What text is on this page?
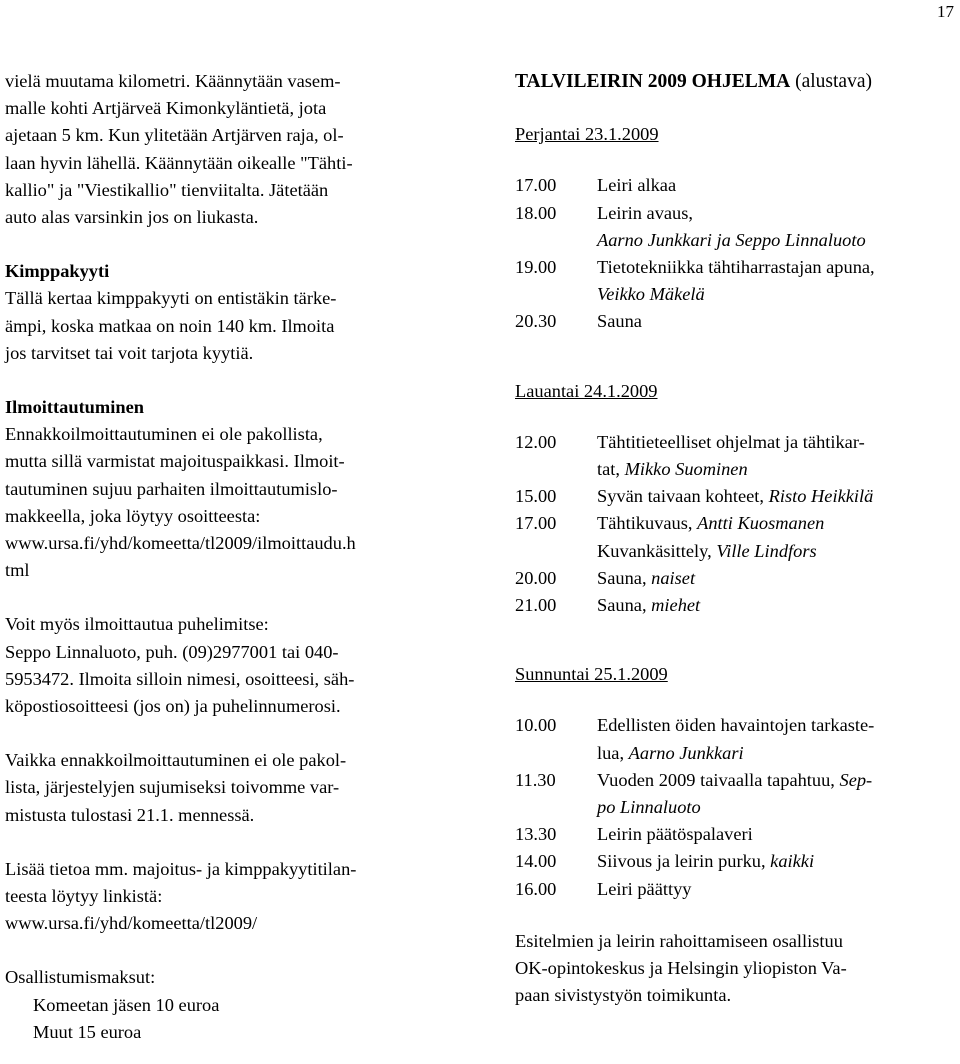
17
vielä muutama kilometri. Käännytään vasem-
malle kohti Artjärveä Kimonkyläntietä, jota
ajetaan 5 km. Kun ylitetään Artjärven raja, ol-
laan hyvin lähellä. Käännytään oikealle "Tähti-
kallio" ja "Viestikallio" tienviitalta. Jätetään
auto alas varsinkin jos on liukasta.
Kimppakyyti
Tällä kertaa kimppakyyti on entistäkin tärke-
ämpi, koska matkaa on noin 140 km. Ilmoita
jos tarvitset tai voit tarjota kyytiä.
Ilmoittautuminen
Ennakkoilmoittautuminen ei ole pakollista,
mutta sillä varmistat majoituspaikkasi. Ilmoit-
tautuminen sujuu parhaiten ilmoittautumislo-
makkeella, joka löytyy osoitteesta:
www.ursa.fi/yhd/komeetta/tl2009/ilmoittaudu.h
tml
Voit myös ilmoittautua puhelimitse:
Seppo Linnaluoto, puh. (09)2977001 tai 040-
5953472. Ilmoita silloin nimesi, osoitteesi, säh-
köpostiosoitteesi (jos on) ja puhelinnumerosi.
Vaikka ennakkoilmoittautuminen ei ole pakol-
lista, järjestelyjen sujumiseksi toivomme var-
mistusta tulostasi 21.1. mennessä.
Lisää tietoa mm. majoitus- ja kimppakyytitilan-
teesta löytyy linkistä:
www.ursa.fi/yhd/komeetta/tl2009/
Osallistumismaksut:
Komeetan jäsen 10 euroa
Muut 15 euroa
TALVILEIRIN 2009 OHJELMA (alustava)
Perjantai 23.1.2009
17.00	Leiri alkaa
18.00	Leirin avaus,
Aarno Junkkari ja Seppo Linnaluoto
19.00	Tietotekniikka tähtiharrastajan apuna,
Veikko Mäkelä
20.30	Sauna
Lauantai 24.1.2009
12.00	Tähtitieteelliset ohjelmat ja tähtikar-
tat, Mikko Suominen
15.00	Syvän taivaan kohteet, Risto Heikkilä
17.00	Tähtikuvaus, Antti Kuosmanen
Kuvankäsittely, Ville Lindfors
20.00	Sauna, naiset
21.00	Sauna, miehet
Sunnuntai 25.1.2009
10.00	Edellisten öiden havaintojen tarkaste-
lua, Aarno Junkkari
11.30	Vuoden 2009 taivaalla tapahtuu, Sep-
po Linnaluoto
13.30	Leirin päätöspalaveri
14.00	Siivous ja leirin purku, kaikki
16.00	Leiri päättyy
Esitelmien ja leirin rahoittamiseen osallistuu
OK-opintokeskus ja Helsingin yliopiston Va-
paan sivistystyön toimikunta.
